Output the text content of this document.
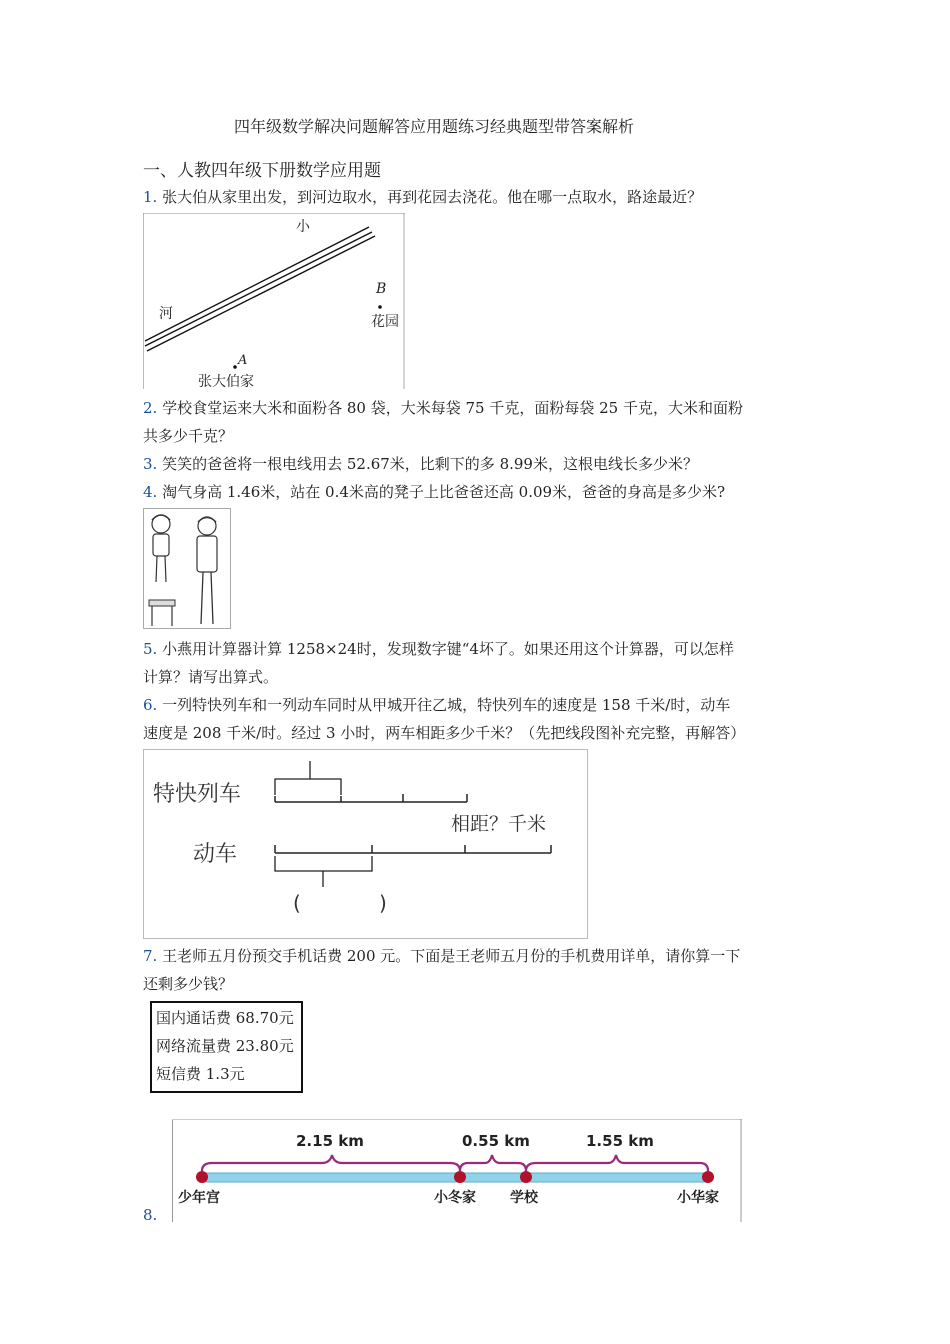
四年级数学解决问题解答应用题练习经典题型带答案解析
一、人教四年级下册数学应用题
1. 张大伯从家里出发，到河边取水，再到花园去浇花。他在哪一点取水，路途最近？
小
河
B
花园
A
张大伯家
2. 学校食堂运来大米和面粉各 80 袋，大米每袋 75 千克，面粉每袋 25 千克，大米和面粉
共多少千克？
3. 笑笑的爸爸将一根电线用去 52.67米，比剩下的多 8.99米，这根电线长多少米？
4. 淘气身高 1.46米，站在 0.4米高的凳子上比爸爸还高 0.09米，爸爸的身高是多少米?
5. 小燕用计算器计算 1258×24时，发现数字键“4坏了。如果还用这个计算器，可以怎样
计算？请写出算式。
6. 一列特快列车和一列动车同时从甲城开往乙城，特快列车的速度是 158 千米/时，动车
速度是 208 千米/时。经过 3 小时，两车相距多少千米？（先把线段图补充完整，再解答）
特快列车
动车
相距？千米
(	)
7. 王老师五月份预交手机话费 200 元。下面是王老师五月份的手机费用详单，请你算一下
还剩多少钱？
国内通话费 68.70元
网络流量费 23.80元
短信费 1.3元
2.15 km	0.55 km	1.55 km
少年宫	小冬家 学校	小华家
8.
